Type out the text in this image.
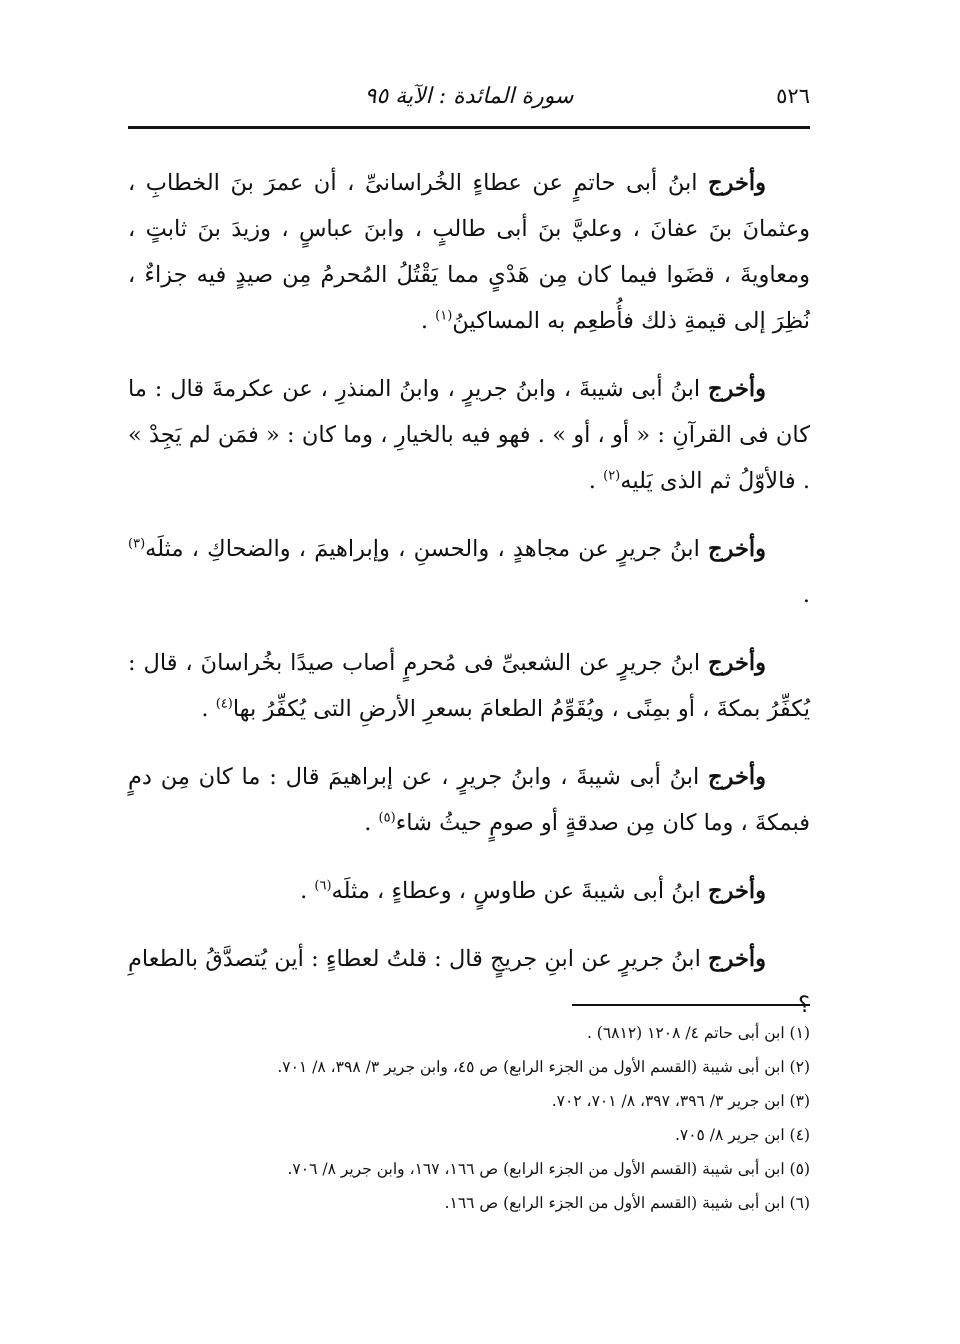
٥٢٦
سورة المائدة : الآية ٩٥

وأخرج ابنُ أبى حاتمٍ عن عطاءٍ الخُراسانىِّ ، أن عمرَ بنَ الخطابِ ، وعثمانَ بنَ عفانَ ، وعليَّ بنَ أبى طالبٍ ، وابنَ عباسٍ ، وزيدَ بنَ ثابتٍ ، ومعاويةَ ، قضَوا فيما كان مِن هَدْىٍ مما يَقْتُلُ المُحرمُ مِن صيدٍ فيه جزاءٌ ، نُظِرَ إلى قيمةِ ذلك فأُطعِم به المساكينُ$^{(١)}$ .

وأخرج ابنُ أبى شيبةَ ، وابنُ جريرٍ ، وابنُ المنذرِ ، عن عكرمةَ قال : ما كان فى القرآنِ : « أو ، أو » . فهو فيه بالخيارِ ، وما كان : « فمَن لم يَجِدْ » . فالأوّلُ ثم الذى يَليه$^{(٢)}$ .

وأخرج ابنُ جريرٍ عن مجاهدٍ ، والحسنِ ، وإبراهيمَ ، والضحاكِ ، مثلَه$^{(٣)}$ .

وأخرج ابنُ جريرٍ عن الشعبىِّ فى مُحرمٍ أصاب صيدًا بخُراسانَ ، قال : يُكفِّرُ بمكةَ ، أو بمِنًى ، ويُقَوِّمُ الطعامَ بسعرِ الأرضِ التى يُكفِّرُ بها$^{(٤)}$ .

وأخرج ابنُ أبى شيبةَ ، وابنُ جريرٍ ، عن إبراهيمَ قال : ما كان مِن دمٍ فبمكةَ ، وما كان مِن صدقةٍ أو صومٍ حيثُ شاء$^{(٥)}$ .

وأخرج ابنُ أبى شيبةَ عن طاوسٍ ، وعطاءٍ ، مثلَه$^{(٦)}$ .

وأخرج ابنُ جريرٍ عن ابنِ جريجٍ قال : قلتُ لعطاءٍ : أين يُتصدَّقُ بالطعامِ ؟

(١) ابن أبى حاتم ٤/ ١٢٠٨ (٦٨١٢) .

(٢) ابن أبى شيبة (القسم الأول من الجزء الرابع) ص ٤٥، وابن جرير ٣/ ٣٩٨، ٨/ ٧٠١.

(٣) ابن جرير ٣/ ٣٩٦، ٣٩٧، ٨/ ٧٠١، ٧٠٢.

(٤) ابن جرير ٨/ ٧٠٥.

(٥) ابن أبى شيبة (القسم الأول من الجزء الرابع) ص ١٦٦، ١٦٧، وابن جرير ٨/ ٧٠٦.

(٦) ابن أبى شيبة (القسم الأول من الجزء الرابع) ص ١٦٦.
